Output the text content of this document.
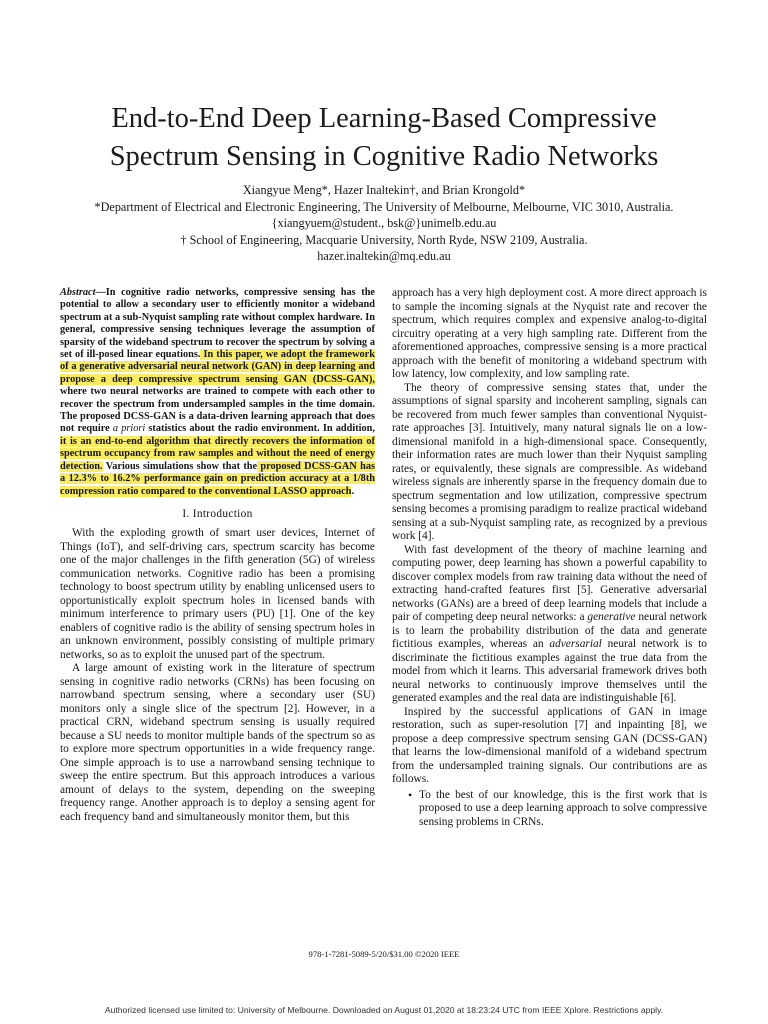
End-to-End Deep Learning-Based Compressive
Spectrum Sensing in Cognitive Radio Networks
Xiangyue Meng*, Hazer Inaltekin†, and Brian Krongold*
*Department of Electrical and Electronic Engineering, The University of Melbourne, Melbourne, VIC 3010, Australia.
{xiangyuem@student., bsk@}unimelb.edu.au
† School of Engineering, Macquarie University, North Ryde, NSW 2109, Australia.
hazer.inaltekin@mq.edu.au

Abstract—In cognitive radio networks, compressive sensing has the potential to allow a secondary user to efficiently monitor a wideband spectrum at a sub-Nyquist sampling rate without complex hardware. In general, compressive sensing techniques leverage the assumption of sparsity of the wideband spectrum to recover the spectrum by solving a set of ill-posed linear equations. In this paper, we adopt the framework of a generative adversarial neural network (GAN) in deep learning and propose a deep compressive spectrum sensing GAN (DCSS-GAN), where two neural networks are trained to compete with each other to recover the spectrum from undersampled samples in the time domain. The proposed DCSS-GAN is a data-driven learning approach that does not require a priori statistics about the radio environment. In addition, it is an end-to-end algorithm that directly recovers the information of spectrum occupancy from raw samples and without the need of energy detection. Various simulations show that the proposed DCSS-GAN has a 12.3% to 16.2% performance gain on prediction accuracy at a 1/8th compression ratio compared to the conventional LASSO approach.

I. Introduction

With the exploding growth of smart user devices, Internet of Things (IoT), and self-driving cars, spectrum scarcity has become one of the major challenges in the fifth generation (5G) of wireless communication networks. Cognitive radio has been a promising technology to boost spectrum utility by enabling unlicensed users to opportunistically exploit spectrum holes in licensed bands with minimum interference to primary users (PU) [1]. One of the key enablers of cognitive radio is the ability of sensing spectrum holes in an unknown environment, possibly consisting of multiple primary networks, so as to exploit the unused part of the spectrum.

A large amount of existing work in the literature of spectrum sensing in cognitive radio networks (CRNs) has been focusing on narrowband spectrum sensing, where a secondary user (SU) monitors only a single slice of the spectrum [2]. However, in a practical CRN, wideband spectrum sensing is usually required because a SU needs to monitor multiple bands of the spectrum so as to explore more spectrum opportunities in a wide frequency range. One simple approach is to use a narrowband sensing technique to sweep the entire spectrum. But this approach introduces a various amount of delays to the system, depending on the sweeping frequency range. Another approach is to deploy a sensing agent for each frequency band and simultaneously monitor them, but this

approach has a very high deployment cost. A more direct approach is to sample the incoming signals at the Nyquist rate and recover the spectrum, which requires complex and expensive analog-to-digital circuitry operating at a very high sampling rate. Different from the aforementioned approaches, compressive sensing is a more practical approach with the benefit of monitoring a wideband spectrum with low latency, low complexity, and low sampling rate.

The theory of compressive sensing states that, under the assumptions of signal sparsity and incoherent sampling, signals can be recovered from much fewer samples than conventional Nyquist-rate approaches [3]. Intuitively, many natural signals lie on a low-dimensional manifold in a high-dimensional space. Consequently, their information rates are much lower than their Nyquist sampling rates, or equivalently, these signals are compressible. As wideband wireless signals are inherently sparse in the frequency domain due to spectrum segmentation and low utilization, compressive spectrum sensing becomes a promising paradigm to realize practical wideband sensing at a sub-Nyquist sampling rate, as recognized by a previous work [4].

With fast development of the theory of machine learning and computing power, deep learning has shown a powerful capability to discover complex models from raw training data without the need of extracting hand-crafted features first [5]. Generative adversarial networks (GANs) are a breed of deep learning models that include a pair of competing deep neural networks: a generative neural network is to learn the probability distribution of the data and generate fictitious examples, whereas an adversarial neural network is to discriminate the fictitious examples against the true data from the model from which it learns. This adversarial framework drives both neural networks to continuously improve themselves until the generated examples and the real data are indistinguishable [6].

Inspired by the successful applications of GAN in image restoration, such as super-resolution [7] and inpainting [8], we propose a deep compressive spectrum sensing GAN (DCSS-GAN) that learns the low-dimensional manifold of a wideband spectrum from the undersampled training signals. Our contributions are as follows.

• To the best of our knowledge, this is the first work that is proposed to use a deep learning approach to solve compressive sensing problems in CRNs.
978-1-7281-5089-5/20/$31.00 ©2020 IEEE
Authorized licensed use limited to: University of Melbourne. Downloaded on August 01,2020 at 18:23:24 UTC from IEEE Xplore. Restrictions apply.
